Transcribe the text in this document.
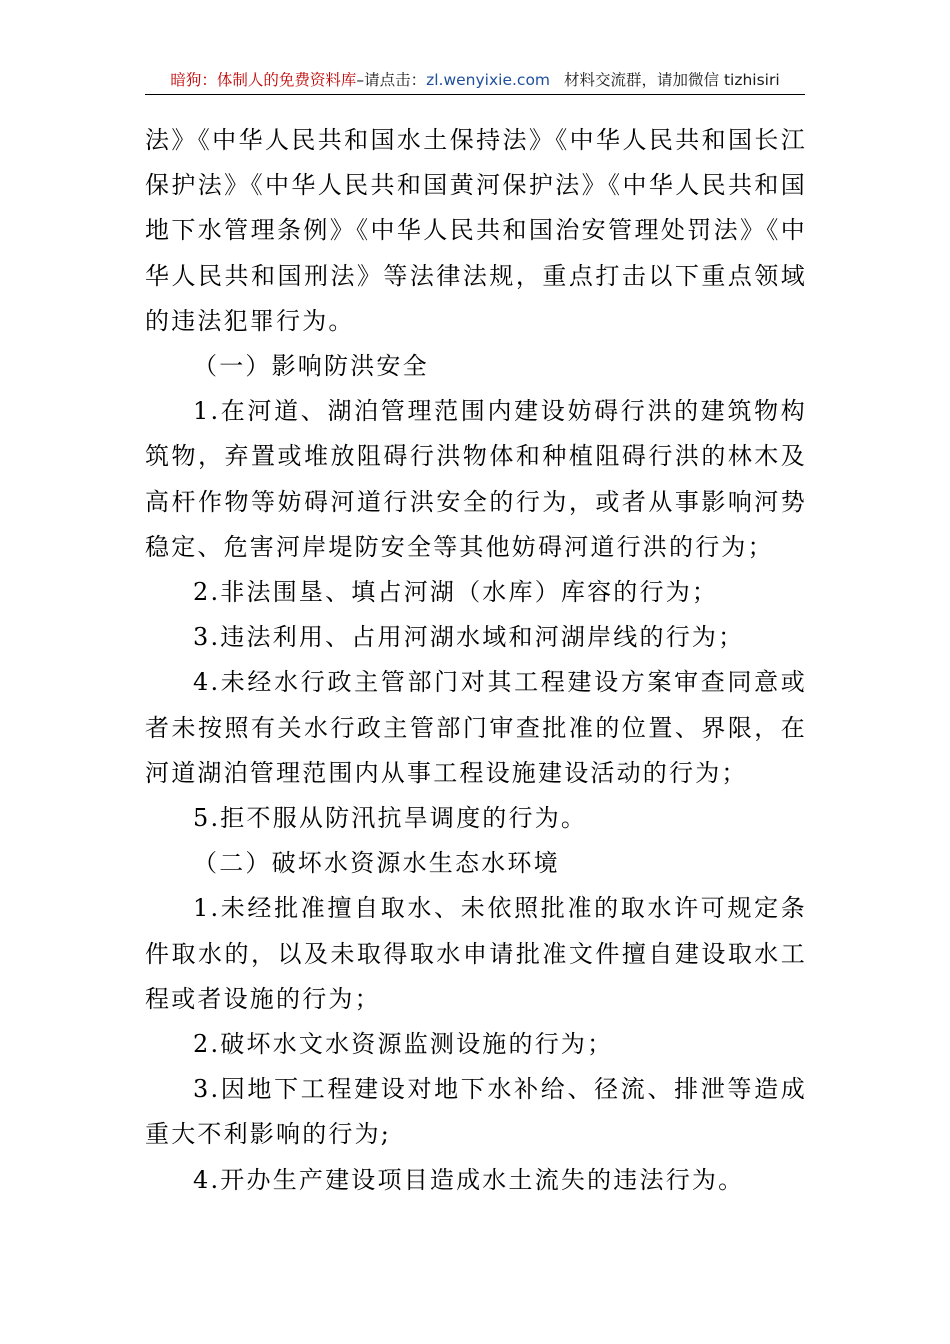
暗狗：体制人的免费资料库–请点击：zl.wenyixie.com 材料交流群，请加微信 tizhisiri

法》《中华人民共和国水土保持法》《中华人民共和国长江保护法》《中华人民共和国黄河保护法》《中华人民共和国地下水管理条例》《中华人民共和国治安管理处罚法》《中华人民共和国刑法》等法律法规，重点打击以下重点领域的违法犯罪行为。

（一）影响防洪安全

1.在河道、湖泊管理范围内建设妨碍行洪的建筑物构筑物，弃置或堆放阻碍行洪物体和种植阻碍行洪的林木及高杆作物等妨碍河道行洪安全的行为，或者从事影响河势稳定、危害河岸堤防安全等其他妨碍河道行洪的行为；

2.非法围垦、填占河湖（水库）库容的行为；

3.违法利用、占用河湖水域和河湖岸线的行为；

4.未经水行政主管部门对其工程建设方案审查同意或者未按照有关水行政主管部门审查批准的位置、界限，在河道湖泊管理范围内从事工程设施建设活动的行为；

5.拒不服从防汛抗旱调度的行为。

（二）破坏水资源水生态水环境

1.未经批准擅自取水、未依照批准的取水许可规定条件取水的，以及未取得取水申请批准文件擅自建设取水工程或者设施的行为；

2.破坏水文水资源监测设施的行为；

3.因地下工程建设对地下水补给、径流、排泄等造成重大不利影响的行为;

4.开办生产建设项目造成水土流失的违法行为。
